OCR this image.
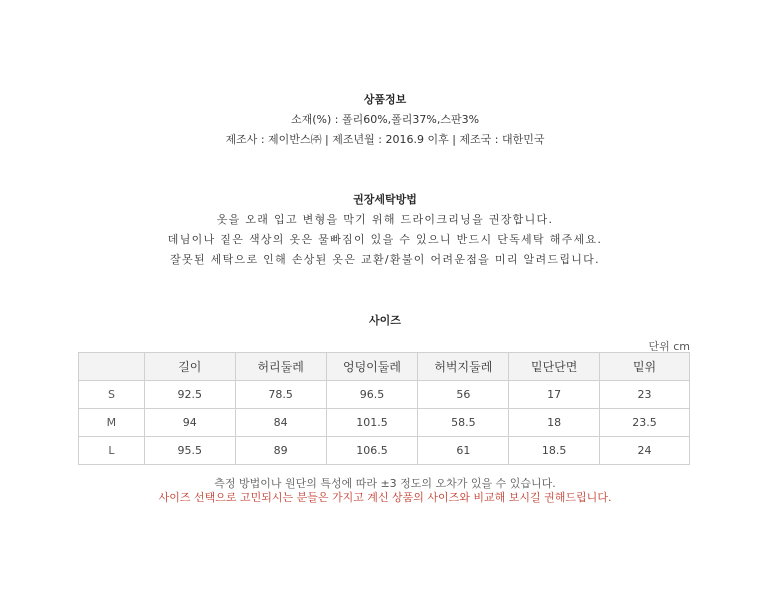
상품정보
소재(%) : 폴리60%,폴리37%,스판3%
제조사 : 제이반스㈜ | 제조년월 : 2016.9 이후 | 제조국 : 대한민국
권장세탁방법
옷을 오래 입고 변형을 막기 위해 드라이크리닝을 권장합니다.
데님이나 짙은 색상의 옷은 물빠짐이 있을 수 있으니 반드시 단독세탁 해주세요.
잘못된 세탁으로 인해 손상된 옷은 교환/환불이 어려운점을 미리 알려드립니다.
사이즈
단위 cm
	길이	허리둘레	엉덩이둘레	허벅지둘레	밑단단면	밑위
S	92.5	78.5	96.5	56	17	23
M	94	84	101.5	58.5	18	23.5
L	95.5	89	106.5	61	18.5	24
측정 방법이나 원단의 특성에 따라 ±3 정도의 오차가 있을 수 있습니다.
사이즈 선택으로 고민되시는 분들은 가지고 계신 상품의 사이즈와 비교해 보시길 권해드립니다.
